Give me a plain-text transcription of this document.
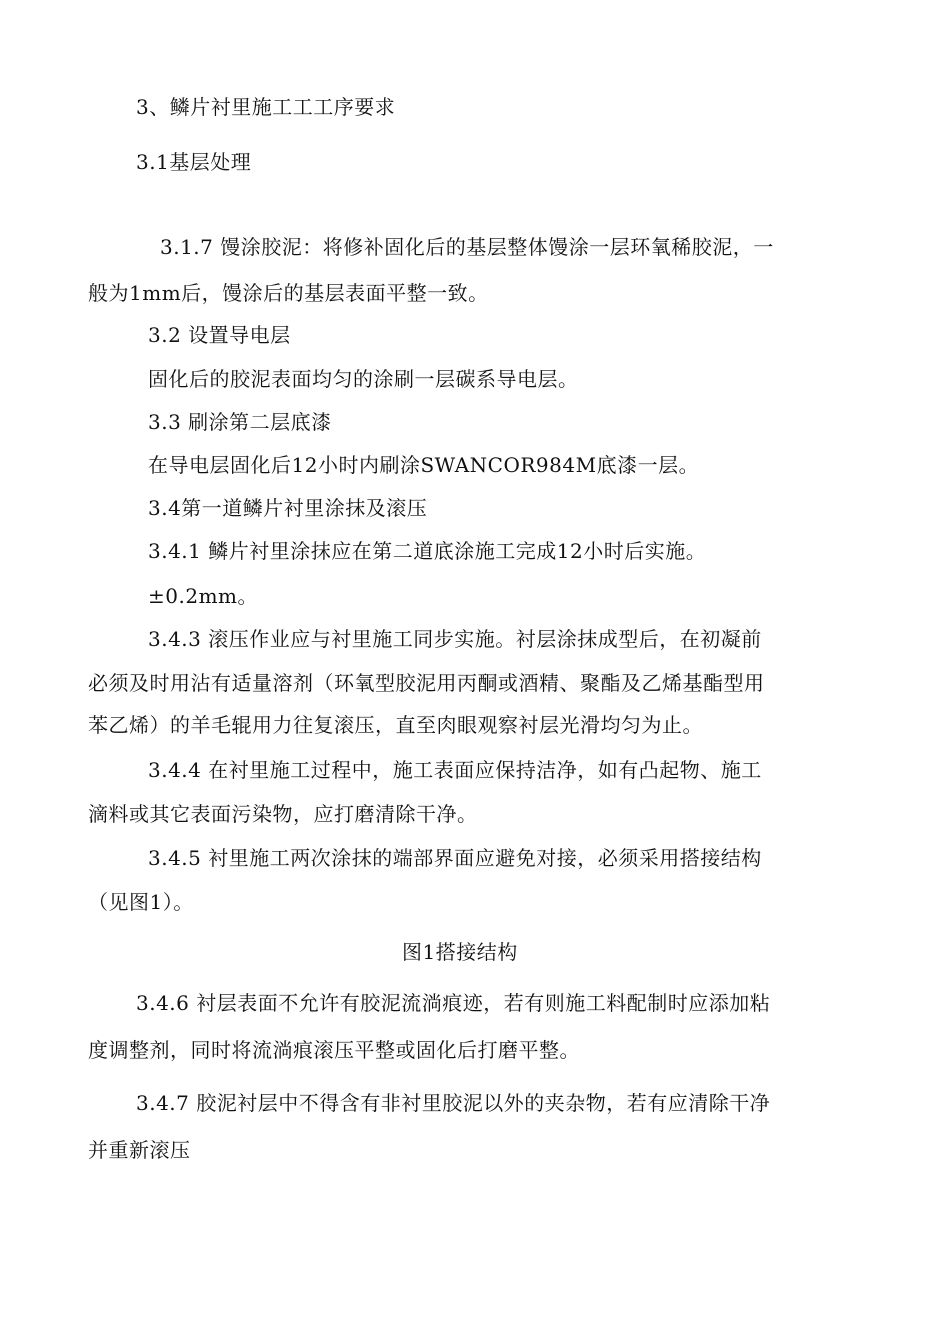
3、鳞片衬里施工工工序要求
3.1基层处理
3.1.7 馒涂胶泥：将修补固化后的基层整体馒涂一层环氧稀胶泥，一
般为1mm后，馒涂后的基层表面平整一致。
3.2 设置导电层
固化后的胶泥表面均匀的涂刷一层碳系导电层。
3.3 刷涂第二层底漆
在导电层固化后12小时内刷涂SWANCOR984M底漆一层。
3.4第一道鳞片衬里涂抹及滚压
3.4.1 鳞片衬里涂抹应在第二道底涂施工完成12小时后实施。
±0.2mm。
3.4.3 滚压作业应与衬里施工同步实施。衬层涂抹成型后，在初凝前
必须及时用沾有适量溶剂（环氧型胶泥用丙酮或酒精、聚酯及乙烯基酯型用
苯乙烯）的羊毛辊用力往复滚压，直至肉眼观察衬层光滑均匀为止。
3.4.4 在衬里施工过程中，施工表面应保持洁净，如有凸起物、施工
滴料或其它表面污染物，应打磨清除干净。
3.4.5 衬里施工两次涂抹的端部界面应避免对接，必须采用搭接结构
（见图1）。
图1搭接结构
3.4.6 衬层表面不允许有胶泥流淌痕迹，若有则施工料配制时应添加粘
度调整剂，同时将流淌痕滚压平整或固化后打磨平整。
3.4.7 胶泥衬层中不得含有非衬里胶泥以外的夹杂物，若有应清除干净
并重新滚压
